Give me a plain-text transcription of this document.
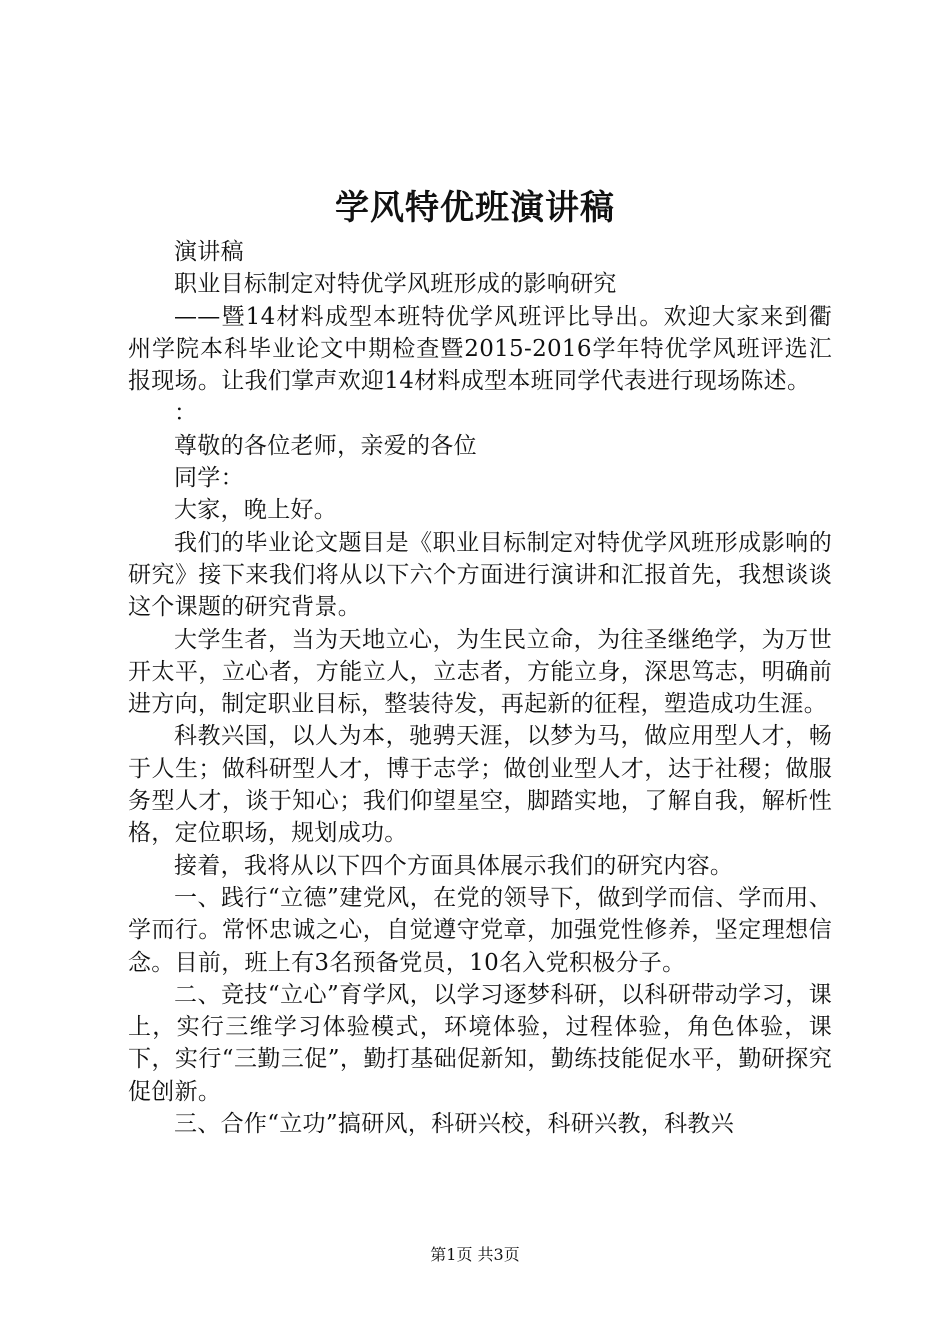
学风特优班演讲稿

演讲稿

职业目标制定对特优学风班形成的影响研究

——暨14材料成型本班特优学风班评比导出。欢迎大家来到衢州学院本科毕业论文中期检查暨2015-2016学年特优学风班评选汇报现场。让我们掌声欢迎14材料成型本班同学代表进行现场陈述。

：

尊敬的各位老师，亲爱的各位

同学：

大家，晚上好。

我们的毕业论文题目是《职业目标制定对特优学风班形成影响的研究》接下来我们将从以下六个方面进行演讲和汇报首先，我想谈谈这个课题的研究背景。

大学生者，当为天地立心，为生民立命，为往圣继绝学，为万世开太平，立心者，方能立人，立志者，方能立身，深思笃志，明确前进方向，制定职业目标，整装待发，再起新的征程，塑造成功生涯。

科教兴国，以人为本，驰骋天涯，以梦为马，做应用型人才，畅于人生；做科研型人才，博于志学；做创业型人才，达于社稷；做服务型人才，谈于知心；我们仰望星空，脚踏实地，了解自我，解析性格，定位职场，规划成功。

接着，我将从以下四个方面具体展示我们的研究内容。

一、践行“立德”建党风，在党的领导下，做到学而信、学而用、学而行。常怀忠诚之心，自觉遵守党章，加强党性修养，坚定理想信念。目前，班上有3名预备党员，10名入党积极分子。

二、竞技“立心”育学风，以学习逐梦科研，以科研带动学习，课上，实行三维学习体验模式，环境体验，过程体验，角色体验，课下，实行“三勤三促”，勤打基础促新知，勤练技能促水平，勤研探究促创新。

三、合作“立功”搞研风，科研兴校，科研兴教，科教兴

第1页 共3页
